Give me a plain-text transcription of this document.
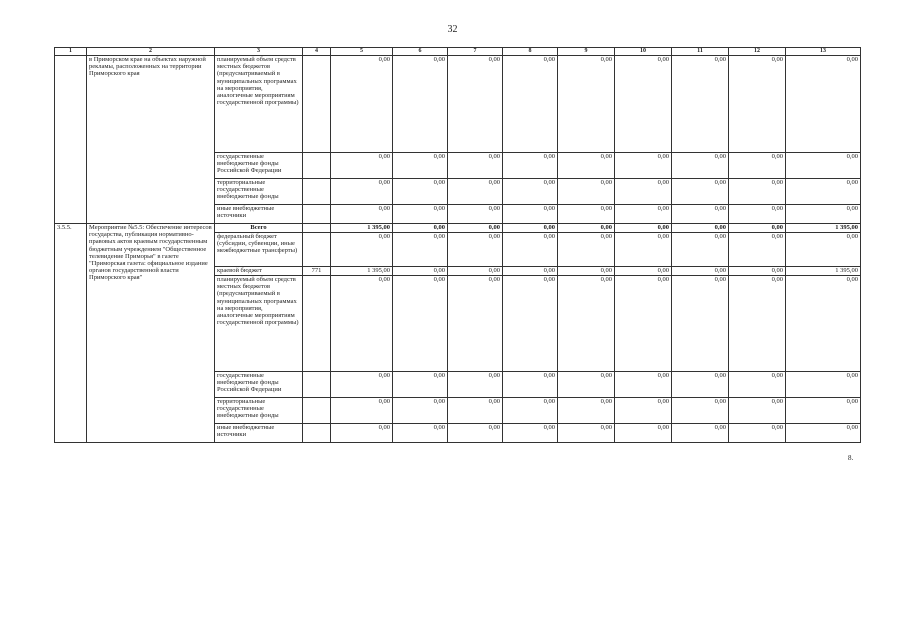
32
1	2	3	4	5	6	7	8	9	10	11	12	13
	в Приморском крае на объектах наружной рекламы, расположенных на территории Приморского края	планируемый объем средств местных бюджетов (предусматриваемый в муниципальных программах на мероприятия, аналогичные мероприятиям государственной программы)		0,00	0,00	0,00	0,00	0,00	0,00	0,00	0,00	0,00
		государственные внебюджетные фонды Российской Федерации		0,00	0,00	0,00	0,00	0,00	0,00	0,00	0,00	0,00
		территориальные государственные внебюджетные фонды		0,00	0,00	0,00	0,00	0,00	0,00	0,00	0,00	0,00
		иные внебюджетные источники		0,00	0,00	0,00	0,00	0,00	0,00	0,00	0,00	0,00
3.5.5.	Мероприятие №5.5: Обеспечение интересов государства, публикация нормативно-правовых актов краевым государственным бюджетным учреждением "Общественное телевидение Приморья" в газете "Приморская газета: официальное издание органов государственной власти Приморского края"	Всего		1 395,00	0,00	0,00	0,00	0,00	0,00	0,00	0,00	1 395,00
		федеральный бюджет (субсидии, субвенции, иные межбюджетные трансферты)		0,00	0,00	0,00	0,00	0,00	0,00	0,00	0,00	0,00
		краевой бюджет	771	1 395,00	0,00	0,00	0,00	0,00	0,00	0,00	0,00	1 395,00
		планируемый объем средств местных бюджетов (предусматриваемый в муниципальных программах на мероприятия, аналогичные мероприятиям государственной программы)		0,00	0,00	0,00	0,00	0,00	0,00	0,00	0,00	0,00
		государственные внебюджетные фонды Российской Федерации		0,00	0,00	0,00	0,00	0,00	0,00	0,00	0,00	0,00
		территориальные государственные внебюджетные фонды		0,00	0,00	0,00	0,00	0,00	0,00	0,00	0,00	0,00
		иные внебюджетные источники		0,00	0,00	0,00	0,00	0,00	0,00	0,00	0,00	0,00
8.
